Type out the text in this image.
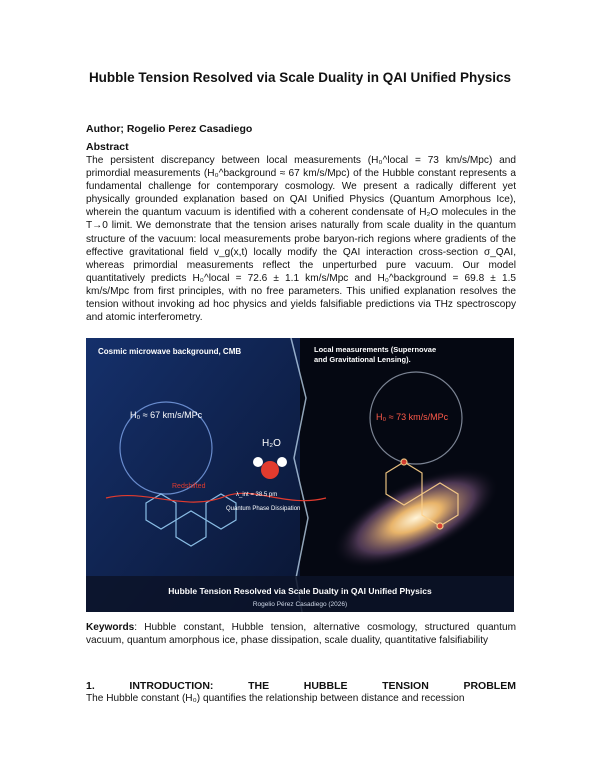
Hubble Tension Resolved via Scale Duality in QAI Unified Physics
Author; Rogelio Perez Casadiego
Abstract

The persistent discrepancy between local measurements (H₀^local = 73 km/s/Mpc) and primordial measurements (H₀^background ≈ 67 km/s/Mpc) of the Hubble constant represents a fundamental challenge for contemporary cosmology. We present a radically different yet physically grounded explanation based on QAI Unified Physics (Quantum Amorphous Ice), wherein the quantum vacuum is identified with a coherent condensate of H₂O molecules in the T→0 limit. We demonstrate that the tension arises naturally from scale duality in the quantum structure of the vacuum: local measurements probe baryon-rich regions where gradients of the effective gravitational field v_g(x,t) locally modify the QAI interaction cross-section σ_QAI, whereas primordial measurements reflect the unperturbed pure vacuum. Our model quantitatively predicts H₀^local = 72.6 ± 1.1 km/s/Mpc and H₀^background = 69.8 ± 1.5 km/s/Mpc from first principles, with no free parameters. This unified explanation resolves the tension without invoking ad hoc physics and yields falsifiable predictions via THz spectroscopy and atomic interferometry.

Cosmic microwave background, CMB	Local measurements (Supernovae
and Gravitational Lensing).
H₀ ≈ 67 km/s/MPc	H₀ ≈ 73 km/s/MPc
H₂O
Redshifted
λ_int = 38.5 pm
Quantum Phase Dissipation
Hubble Tension Resolved via Scale Dualty in QAI Unified Physics
Rogelio Pérez Casadiego (2026)

Keywords: Hubble constant, Hubble tension, alternative cosmology, structured quantum vacuum, quantum amorphous ice, phase dissipation, scale duality, quantitative falsifiability

1.	INTRODUCTION:	THE	HUBBLE	TENSION	PROBLEM

The Hubble constant (H₀) quantifies the relationship between distance and recession
